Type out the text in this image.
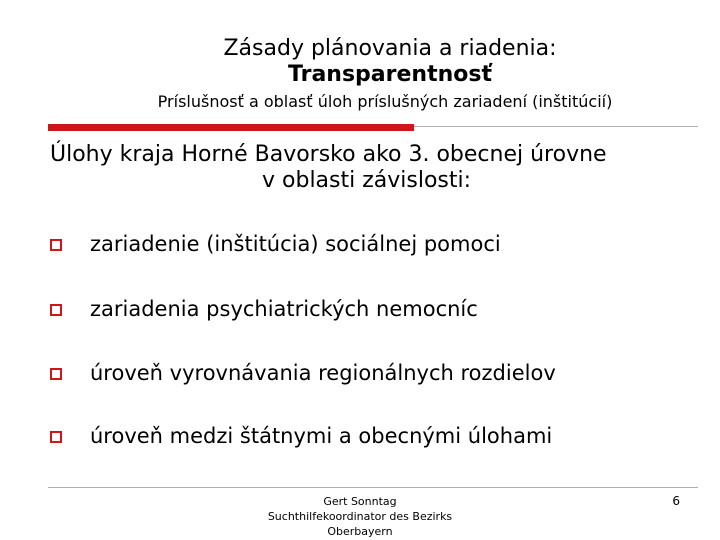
Zásady plánovania a riadenia:
Transparentnosť
Príslušnosť a oblasť úloh príslušných zariadení (inštitúcií)
Úlohy kraja Horné Bavorsko ako 3. obecnej úrovne
v oblasti závislosti:
zariadenie (inštitúcia) sociálnej pomoci
zariadenia psychiatrických nemocníc
úroveň vyrovnávania regionálnych rozdielov
úroveň medzi štátnymi a obecnými úlohami
Gert Sonntag
Suchthilfekoordinator des Bezirks
Oberbayern
6
